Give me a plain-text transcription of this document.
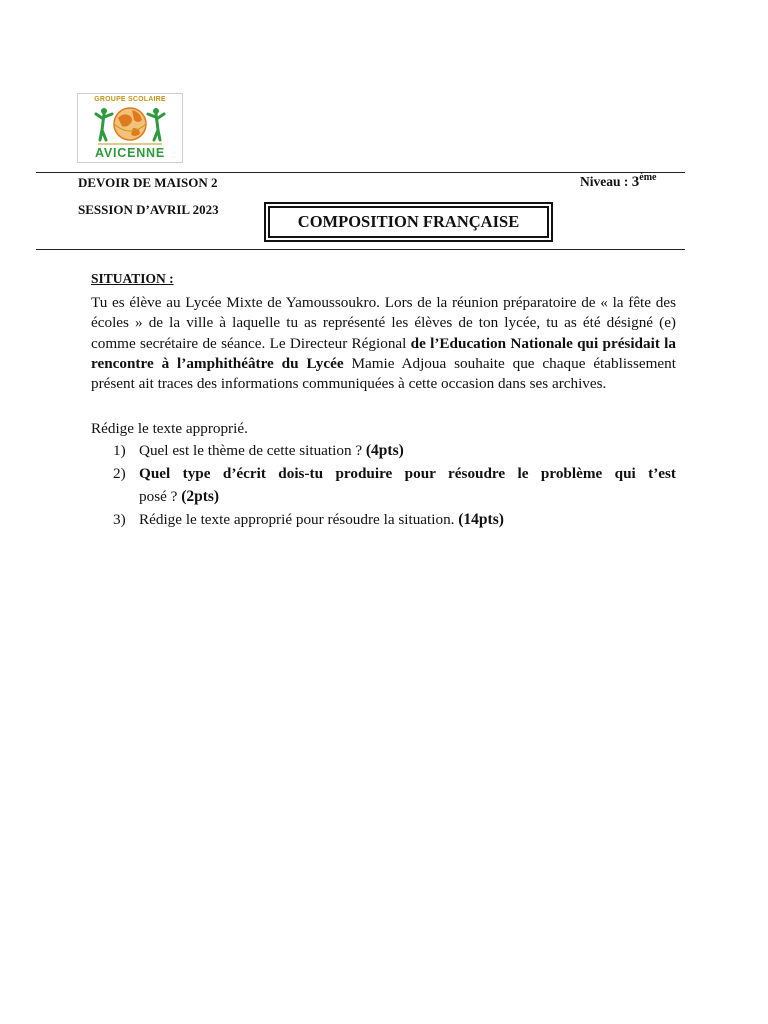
GROUPE SCOLAIRE
AVICENNE
DEVOIR DE MAISON 2	Niveau : 3ème
SESSION D’AVRIL 2023
COMPOSITION FRANÇAISE
SITUATION :

Tu es élève au Lycée Mixte de Yamoussoukro. Lors de la réunion préparatoire de « la fête des écoles » de la ville à laquelle tu as représenté les élèves de ton lycée, tu as été désigné (e) comme secrétaire de séance. Le Directeur Régional de l’Education Nationale qui présidait la rencontre à l’amphithéâtre du Lycée Mamie Adjoua souhaite que chaque établissement présent ait traces des informations communiquées à cette occasion dans ses archives.

Rédige le texte approprié.
1) Quel est le thème de cette situation ? (4pts)
2) Quel type d’écrit dois-tu produire pour résoudre le problème qui t’est
posé ? (2pts)
3) Rédige le texte approprié pour résoudre la situation. (14pts)
